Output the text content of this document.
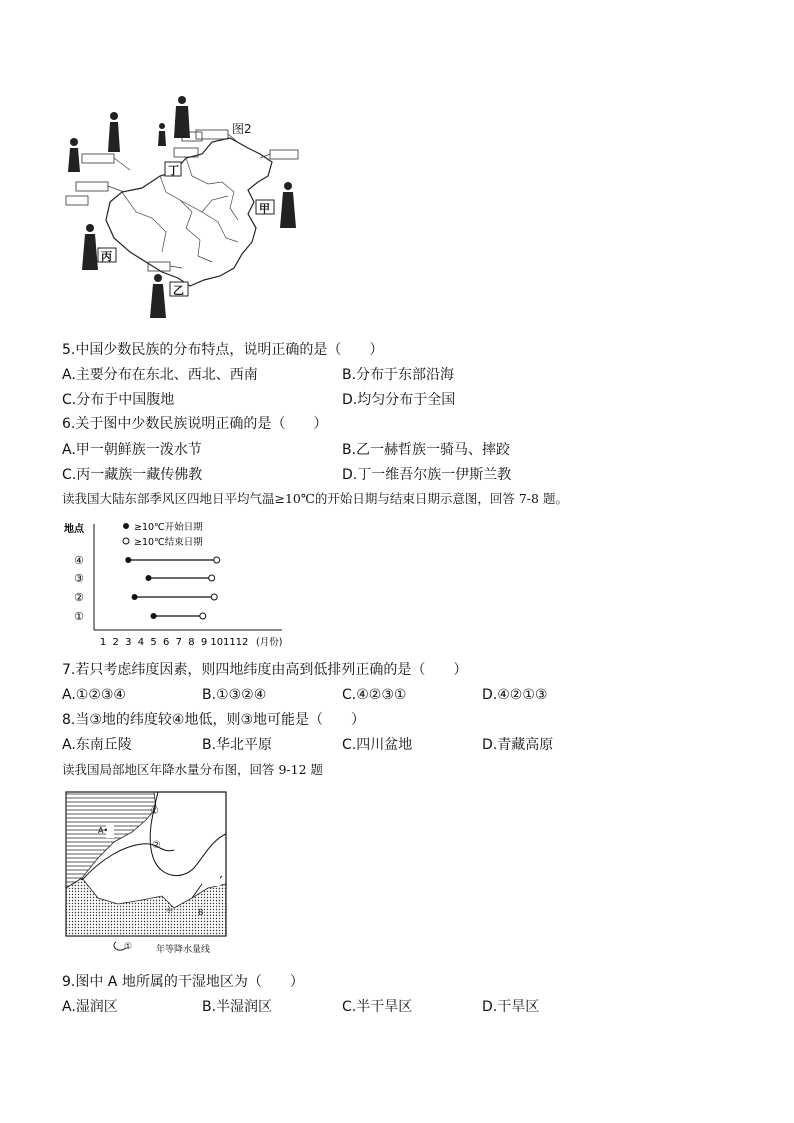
图2
丁
甲
丙
乙
5.中国少数民族的分布特点，说明正确的是（　　）
A.主要分布在东北、西北、西南	B.分布于东部沿海
C.分布于中国腹地	D.均匀分布于全国
6.关于图中少数民族说明正确的是（　　）
A.甲一朝鲜族一泼水节	B.乙一赫哲族一骑马、摔跤
C.丙一藏族一藏传佛教	D.丁一维吾尔族一伊斯兰教
读我国大陆东部季风区四地日平均气温≥10℃的开始日期与结束日期示意图，回答 7-8 题。
≥10℃开始日期
≥10℃结束日期
地点
④
③
②
①
1 2 3 4 5 6 7 8 9 10 11 12 (月份)
7.若只考虑纬度因素，则四地纬度由高到低排列正确的是（　　）
A.①②③④	B.①③②④	C.④②③①	D.④②①③
8.当③地的纬度较④地低，则③地可能是（　　）
A.东南丘陵	B.华北平原	C.四川盆地	D.青藏高原
读我国局部地区年降水量分布图，回答 9-12 题
A•
①
②
B
中
①	年等降水量线
9.图中 A 地所属的干湿地区为（　　）
A.湿润区	B.半湿润区	C.半干旱区	D.干旱区
